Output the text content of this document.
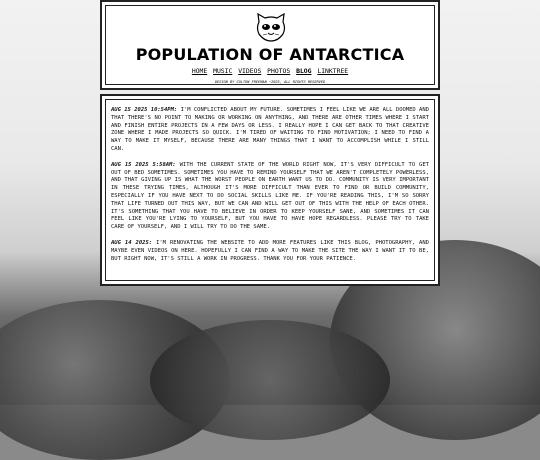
POPULATION OF ANTARCTICA
HOME MUSIC VIDEOS PHOTOS BLOG LINKTREE
DESIGN BY COLTON FREEMAN ~2025, ALL RIGHTS RESERVED

AUG 15 2025 10:54PM: I'M CONFLICTED ABOUT MY FUTURE. SOMETIMES I FEEL LIKE WE ARE ALL DOOMED AND THAT THERE'S NO POINT TO MAKING OR WORKING ON ANYTHING, AND THERE ARE OTHER TIMES WHERE I START AND FINISH ENTIRE PROJECTS IN A FEW DAYS OR LESS. I REALLY HOPE I CAN GET BACK TO THAT CREATIVE ZONE WHERE I MADE PROJECTS SO QUICK. I'M TIRED OF WAITING TO FIND MOTIVATION; I NEED TO FIND A WAY TO MAKE IT MYSELF, BECAUSE THERE ARE MANY THINGS THAT I WANT TO ACCOMPLISH WHILE I STILL CAN.

AUG 15 2025 5:58AM: WITH THE CURRENT STATE OF THE WORLD RIGHT NOW, IT'S VERY DIFFICULT TO GET OUT OF BED SOMETIMES. SOMETIMES YOU HAVE TO REMIND YOURSELF THAT WE AREN'T COMPLETELY POWERLESS, AND THAT GIVING UP IS WHAT THE WORST PEOPLE ON EARTH WANT US TO DO. COMMUNITY IS VERY IMPORTANT IN THESE TRYING TIMES, ALTHOUGH IT'S MORE DIFFICULT THAN EVER TO FIND OR BUILD COMMUNITY, ESPECIALLY IF YOU HAVE NEXT TO DO SOCIAL SKILLS LIKE ME. IF YOU'RE READING THIS, I'M SO SORRY THAT LIFE TURNED OUT THIS WAY, BUT WE CAN AND WILL GET OUT OF THIS WITH THE HELP OF EACH OTHER. IT'S SOMETHING THAT YOU HAVE TO BELIEVE IN ORDER TO KEEP YOURSELF SANE, AND SOMETIMES IT CAN FEEL LIKE YOU'RE LYING TO YOURSELF, BUT YOU HAVE TO HAVE HOPE REGARDLESS. PLEASE TRY TO TAKE CARE OF YOURSELF, AND I WILL TRY TO DO THE SAME.

AUG 14 2025: I'M RENOVATING THE WEBSITE TO ADD MORE FEATURES LIKE THIS BLOG, PHOTOGRAPHY, AND MAYBE EVEN VIDEOS ON HERE. HOPEFULLY I CAN FIND A WAY TO MAKE THE SITE THE WAY I WANT IT TO BE, BUT RIGHT NOW, IT'S STILL A WORK IN PROGRESS. THANK YOU FOR YOUR PATIENCE.
